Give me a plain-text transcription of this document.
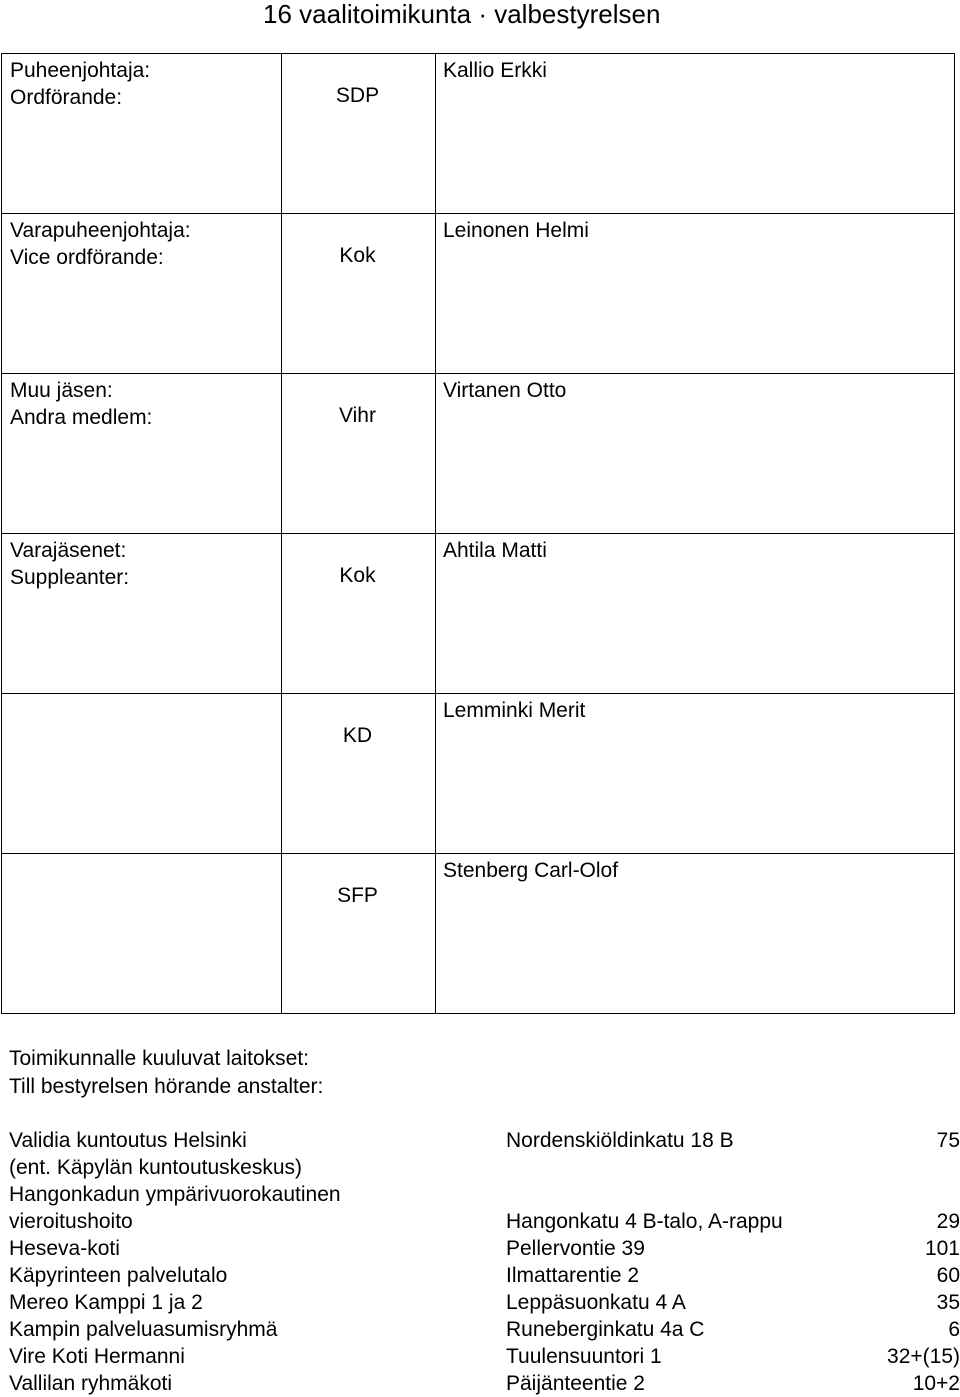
16 vaalitoimikunta · valbestyrelsen
Puheenjohtaja:
Ordförande:	SDP	Kallio Erkki

Varapuheenjohtaja:
Vice ordförande:	Kok	Leinonen Helmi

Muu jäsen:
Andra medlem:	Vihr	Virtanen Otto

Varajäsenet:
Suppleanter:	Kok	Ahtila Matti

	KD	Lemminki Merit

	SFP	Stenberg Carl-Olof
Toimikunnalle kuuluvat laitokset:
Till bestyrelsen hörande anstalter:
Validia kuntoutus Helsinki	Nordenskiöldinkatu 18 B	75
(ent. Käpylän kuntoutuskeskus)
Hangonkadun ympärivuorokautinen
vieroitushoito	Hangonkatu 4 B-talo, A-rappu	29
Heseva-koti	Pellervontie 39	101
Käpyrinteen palvelutalo	Ilmattarentie 2	60
Mereo Kamppi 1 ja 2	Leppäsuonkatu 4 A	35
Kampin palveluasumisryhmä	Runeberginkatu 4a C	6
Vire Koti Hermanni	Tuulensuuntori 1	32+(15)
Vallilan ryhmäkoti	Päijänteentie 2	10+2
